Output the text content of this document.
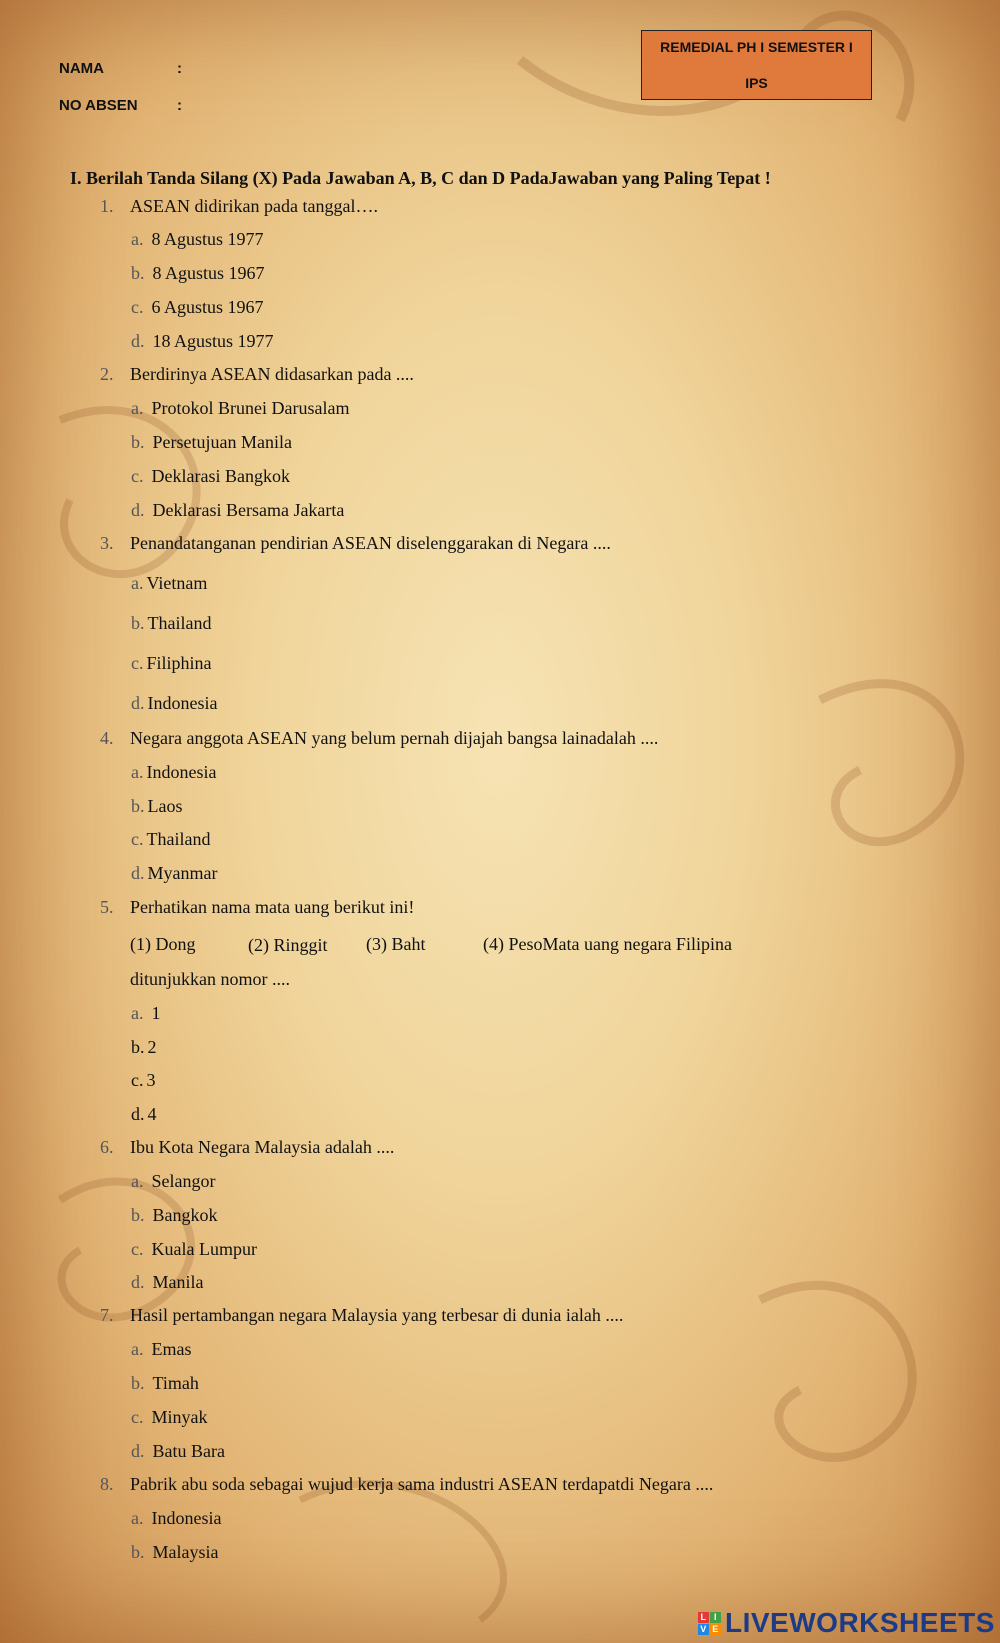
NAMA	:
NO ABSEN	:
REMEDIAL PH I SEMESTER I
IPS
I. Berilah Tanda Silang (X) Pada Jawaban A, B, C dan D PadaJawaban yang Paling Tepat !
1. ASEAN didirikan pada tanggal….
a. 8 Agustus 1977
b. 8 Agustus 1967
c. 6 Agustus 1967
d. 18 Agustus 1977
2. Berdirinya ASEAN didasarkan pada ....
a. Protokol Brunei Darusalam
b. Persetujuan Manila
c. Deklarasi Bangkok
d. Deklarasi Bersama Jakarta
3. Penandatanganan pendirian ASEAN diselenggarakan di Negara ....
a. Vietnam
b. Thailand
c. Filiphina
d. Indonesia
4. Negara anggota ASEAN yang belum pernah dijajah bangsa lainadalah ....
a. Indonesia
b. Laos
c. Thailand
d. Myanmar
5. Perhatikan nama mata uang berikut ini!
(1) Dong	(2) Ringgit (3) Baht	(4) PesoMata uang negara Filipina
ditunjukkan nomor ....
a. 1
b. 2
c. 3
d. 4
6. Ibu Kota Negara Malaysia adalah ....
a. Selangor
b. Bangkok
c. Kuala Lumpur
d. Manila
7. Hasil pertambangan negara Malaysia yang terbesar di dunia ialah ....
a. Emas
b. Timah
c. Minyak
d. Batu Bara
8. Pabrik abu soda sebagai wujud kerja sama industri ASEAN terdapatdi Negara ....
a. Indonesia
b. Malaysia
L I
V E LIVEWORKSHEETS
